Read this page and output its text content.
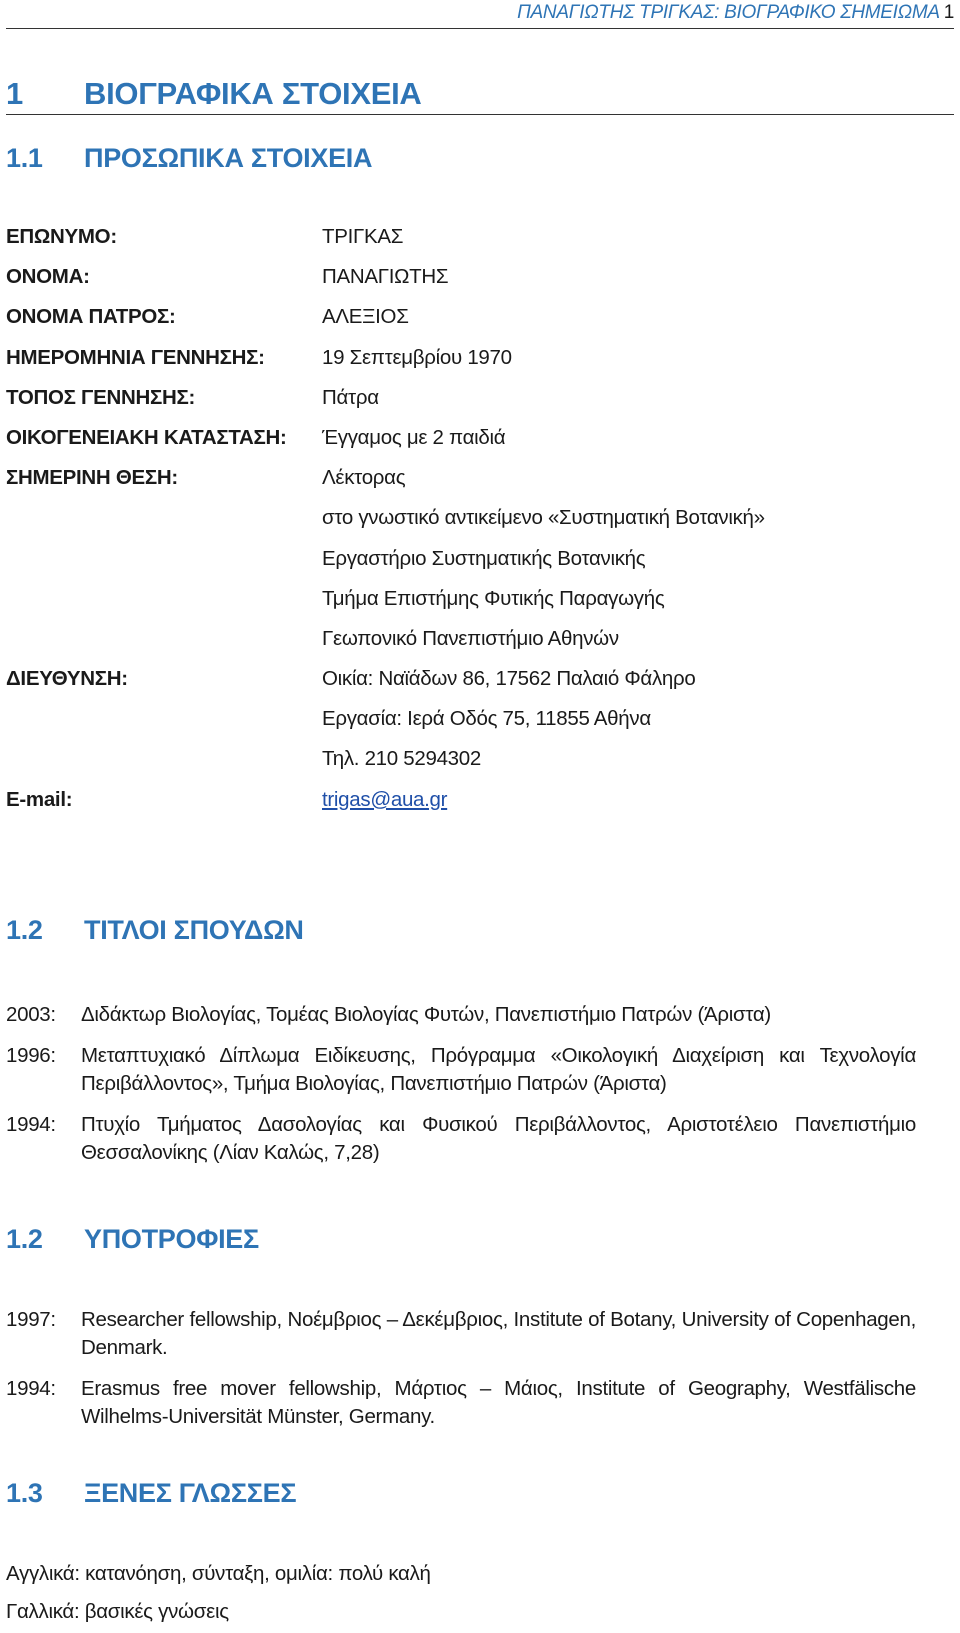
ΠΑΝΑΓΙΩΤΗΣ ΤΡΙΓΚΑΣ: ΒΙΟΓΡΑΦΙΚΟ ΣΗΜΕΙΩΜΑ 1
1 ΒΙΟΓΡΑΦΙΚΑ ΣΤΟΙΧΕΙΑ
1.1 ΠΡΟΣΩΠΙΚΑ ΣΤΟΙΧΕΙΑ
ΕΠΩΝΥΜΟ:	ΤΡΙΓΚΑΣ
ΟΝΟΜΑ:	ΠΑΝΑΓΙΩΤΗΣ
ΟΝΟΜΑ ΠΑΤΡΟΣ:	ΑΛΕΞΙΟΣ
ΗΜΕΡΟΜΗΝΙΑ ΓΕΝΝΗΣΗΣ:	19 Σεπτεμβρίου 1970
ΤΟΠΟΣ ΓΕΝΝΗΣΗΣ:	Πάτρα
ΟΙΚΟΓΕΝΕΙΑΚΗ ΚΑΤΑΣΤΑΣΗ:	Έγγαμος με 2 παιδιά
ΣΗΜΕΡΙΝΗ ΘΕΣΗ:	Λέκτορας
στο γνωστικό αντικείμενο «Συστηματική Βοτανική»
Εργαστήριο Συστηματικής Βοτανικής
Τμήμα Επιστήμης Φυτικής Παραγωγής
Γεωπονικό Πανεπιστήμιο Αθηνών
ΔΙΕΥΘΥΝΣΗ:	Οικία: Ναϊάδων 86, 17562 Παλαιό Φάληρο
Εργασία: Ιερά Οδός 75, 11855 Αθήνα
Τηλ. 210 5294302
E-mail:	trigas@aua.gr
1.2 ΤΙΤΛΟΙ ΣΠΟΥΔΩΝ
2003:	Διδάκτωρ Βιολογίας, Τομέας Βιολογίας Φυτών, Πανεπιστήμιο Πατρών (Άριστα)
1996:	Μεταπτυχιακό Δίπλωμα Ειδίκευσης, Πρόγραμμα «Οικολογική Διαχείριση και Τεχνολογία Περιβάλλοντος», Τμήμα Βιολογίας, Πανεπιστήμιο Πατρών (Άριστα)
1994:	Πτυχίο Τμήματος Δασολογίας και Φυσικού Περιβάλλοντος, Αριστοτέλειο Πανεπιστήμιο Θεσσαλονίκης (Λίαν Καλώς, 7,28)
1.2 ΥΠΟΤΡΟΦΙΕΣ
1997:	Researcher fellowship, Νοέμβριος – Δεκέμβριος, Institute of Botany, University of Copenhagen, Denmark.
1994:	Erasmus free mover fellowship, Μάρτιος – Μάιος, Institute of Geography, Westfälische Wilhelms-Universität Münster, Germany.
1.3 ΞΕΝΕΣ ΓΛΩΣΣΕΣ
Αγγλικά: κατανόηση, σύνταξη, ομιλία: πολύ καλή
Γαλλικά: βασικές γνώσεις
